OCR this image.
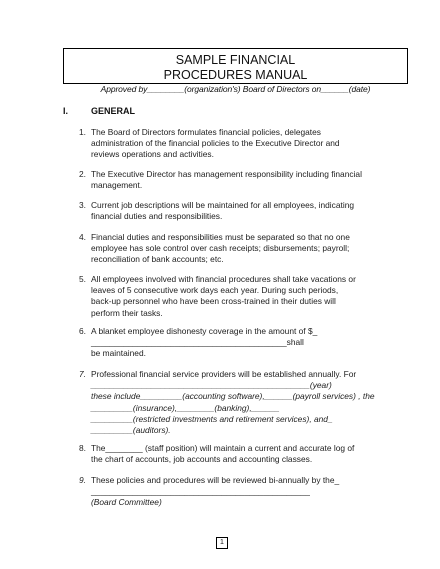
SAMPLE FINANCIAL
PROCEDURES MANUAL
Approved by________(organization's) Board of Directors on______(date)
I.	GENERAL
1. The Board of Directors formulates financial policies, delegates
administration of the financial policies to the Executive Director and
reviews operations and activities.
2. The Executive Director has management responsibility including financial
management.
3. Current job descriptions will be maintained for all employees, indicating
financial duties and responsibilities.
4. Financial duties and responsibilities must be separated so that no one
employee has sole control over cash receipts; disbursements; payroll;
reconciliation of bank accounts; etc.
5. All employees involved with financial procedures shall take vacations or
leaves of 5 consecutive work days each year. During such periods,
back-up personnel who have been cross-trained in their duties will
perform their tasks.
6. A blanket employee dishonesty coverage in the amount of $_
__________________________________________shall
be maintained.
7. Professional financial service providers will be established annually. For
_______________________________________________(year)
these include_________(accounting software),______(payroll services) , the
_________(insurance),________(banking),______
_________(restricted investments and retirement services), and_
_________(auditors).
8. The________ (staff position) will maintain a current and accurate log of
the chart of accounts, job accounts and accounting classes.
9. These policies and procedures will be reviewed bi-annually by the_
_______________________________________________
(Board Committee)
1
